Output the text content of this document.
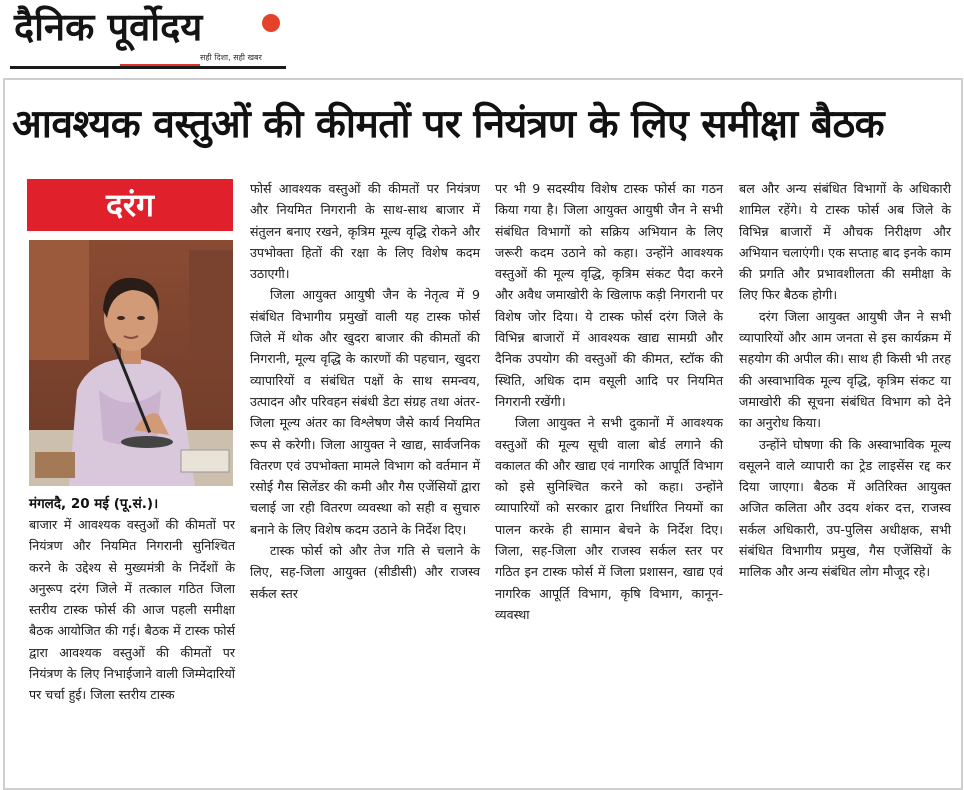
दैनिक पूर्वोदय
सही दिशा, सही खबर
आवश्यक वस्तुओं की कीमतों पर नियंत्रण के लिए समीक्षा बैठक
दरंग
मंगलदै, 20 मई (पू.सं.)।

बाजार में आवश्यक वस्तुओं की कीमतों पर नियंत्रण और नियमित निगरानी सुनिश्चित करने के उद्देश्य से मुख्यमंत्री के निर्देशों के अनुरूप दरंग जिले में तत्काल गठित जिला स्तरीय टास्क फोर्स की आज पहली समीक्षा बैठक आयोजित की गई। बैठक में टास्क फोर्स द्वारा आवश्यक वस्तुओं की कीमतों पर नियंत्रण के लिए निभाईजाने वाली जिम्मेदारियों पर चर्चा हुई। जिला स्तरीय टास्क

फोर्स आवश्यक वस्तुओं की कीमतों पर नियंत्रण और नियमित निगरानी के साथ-साथ बाजार में संतुलन बनाए रखने, कृत्रिम मूल्य वृद्धि रोकने और उपभोक्ता हितों की रक्षा के लिए विशेष कदम उठाएगी।

जिला आयुक्त आयुषी जैन के नेतृत्व में 9 संबंधित विभागीय प्रमुखों वाली यह टास्क फोर्स जिले में थोक और खुदरा बाजार की कीमतों की निगरानी, मूल्य वृद्धि के कारणों की पहचान, खुदरा व्यापारियों व संबंधित पक्षों के साथ समन्वय, उत्पादन और परिवहन संबंधी डेटा संग्रह तथा अंतर-जिला मूल्य अंतर का विश्लेषण जैसे कार्य नियमित रूप से करेगी। जिला आयुक्त ने खाद्य, सार्वजनिक वितरण एवं उपभोक्ता मामले विभाग को वर्तमान में रसोई गैस सिलेंडर की कमी और गैस एजेंसियों द्वारा चलाई जा रही वितरण व्यवस्था को सही व सुचारु बनाने के लिए विशेष कदम उठाने के निर्देश दिए।

टास्क फोर्स को और तेज गति से चलाने के लिए, सह-जिला आयुक्त (सीडीसी) और राजस्व सर्कल स्तर

पर भी 9 सदस्यीय विशेष टास्क फोर्स का गठन किया गया है। जिला आयुक्त आयुषी जैन ने सभी संबंधित विभागों को सक्रिय अभियान के लिए जरूरी कदम उठाने को कहा। उन्होंने आवश्यक वस्तुओं की मूल्य वृद्धि, कृत्रिम संकट पैदा करने और अवैध जमाखोरी के खिलाफ कड़ी निगरानी पर विशेष जोर दिया। ये टास्क फोर्स दरंग जिले के विभिन्न बाजारों में आवश्यक खाद्य सामग्री और दैनिक उपयोग की वस्तुओं की कीमत, स्टॉक की स्थिति, अधिक दाम वसूली आदि पर नियमित निगरानी रखेंगी।

जिला आयुक्त ने सभी दुकानों में आवश्यक वस्तुओं की मूल्य सूची वाला बोर्ड लगाने की वकालत की और खाद्य एवं नागरिक आपूर्ति विभाग को इसे सुनिश्चित करने को कहा। उन्होंने व्यापारियों को सरकार द्वारा निर्धारित नियमों का पालन करके ही सामान बेचने के निर्देश दिए। जिला, सह-जिला और राजस्व सर्कल स्तर पर गठित इन टास्क फोर्स में जिला प्रशासन, खाद्य एवं नागरिक आपूर्ति विभाग, कृषि विभाग, कानून-व्यवस्था

बल और अन्य संबंधित विभागों के अधिकारी शामिल रहेंगे। ये टास्क फोर्स अब जिले के विभिन्न बाजारों में औचक निरीक्षण और अभियान चलाएंगी। एक सप्ताह बाद इनके काम की प्रगति और प्रभावशीलता की समीक्षा के लिए फिर बैठक होगी।

दरंग जिला आयुक्त आयुषी जैन ने सभी व्यापारियों और आम जनता से इस कार्यक्रम में सहयोग की अपील की। साथ ही किसी भी तरह की अस्वाभाविक मूल्य वृद्धि, कृत्रिम संकट या जमाखोरी की सूचना संबंधित विभाग को देने का अनुरोध किया।

उन्होंने घोषणा की कि अस्वाभाविक मूल्य वसूलने वाले व्यापारी का ट्रेड लाइसेंस रद्द कर दिया जाएगा। बैठक में अतिरिक्त आयुक्त अजित कलिता और उदय शंकर दत्त, राजस्व सर्कल अधिकारी, उप-पुलिस अधीक्षक, सभी संबंधित विभागीय प्रमुख, गैस एजेंसियों के मालिक और अन्य संबंधित लोग मौजूद रहे।
